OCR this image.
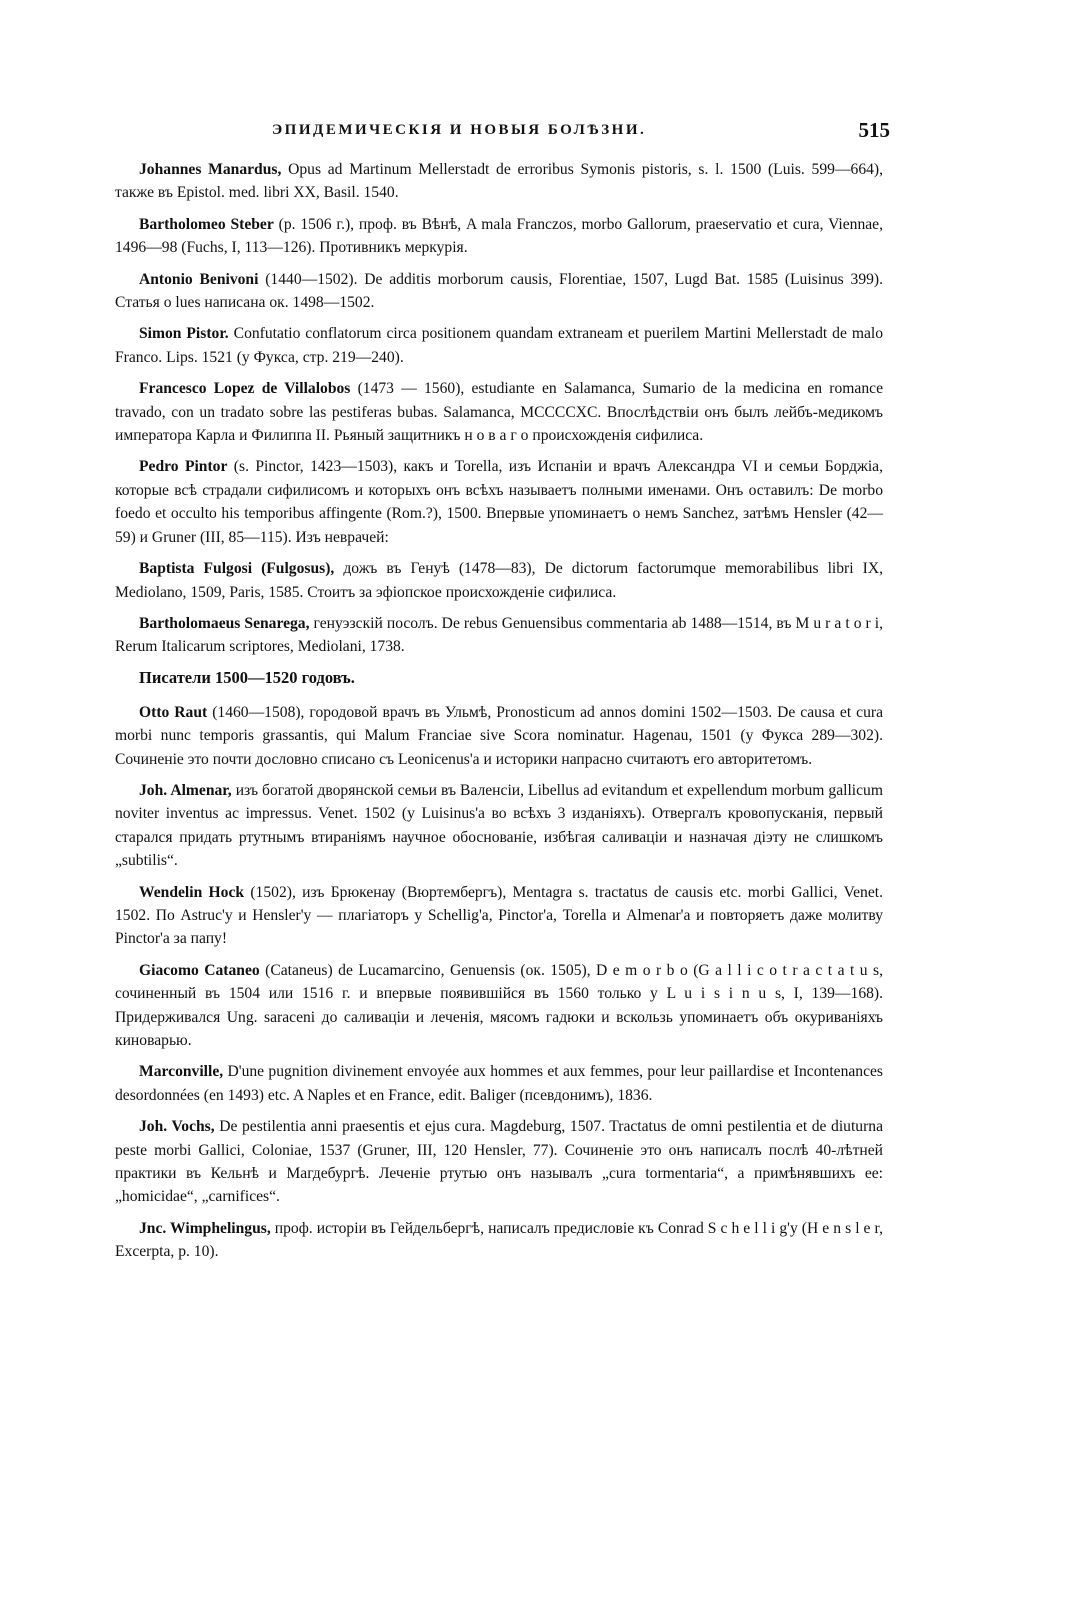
ЭПИДЕМИЧЕСКІЯ И НОВЫЯ БОЛѢЗНИ.	515

Johannes Manardus, Opus ad Martinum Mellerstadt de erroribus Symonis pistoris, s. l. 1500 (Luis. 599—664), также въ Epistol. med. libri XX, Basil. 1540.

Bartholomeo Steber (р. 1506 г.), проф. въ Вѣнѣ, A mala Franczos, morbo Gallorum, praeservatio et cura, Viennae, 1496—98 (Fuchs, I, 113—126). Противникъ меркурія.

Antonio Benivoni (1440—1502). De additis morborum causis, Florentiae, 1507, Lugd Bat. 1585 (Luisinus 399). Статья о lues написана ок. 1498—1502.

Simon Pistor. Confutatio conflatorum circa positionem quandam extraneam et puerilem Martini Mellerstadt de malo Franco. Lips. 1521 (у Фукса, стр. 219—240).

Francesco Lopez de Villalobos (1473 — 1560), estudiante en Salamanca, Sumario de la medicina en romance travado, con un tradato sobre las pestiferas bubas. Salamanca, MCCCCXC. Впослѣдствіи онъ былъ лейбъ-медикомъ императора Карла и Филиппа II. Рьяный защитникъ н о в а г о происхожденія сифилиса.

Pedro Pintor (s. Pinctor, 1423—1503), какъ и Torella, изъ Испаніи и врачъ Александра VI и семьи Борджіа, которые всѣ страдали сифилисомъ и которыхъ онъ всѣхъ называетъ полными именами. Онъ оставилъ: De morbo foedo et occulto his temporibus affingente (Rom.?), 1500. Впервые упоминаетъ о немъ Sanchez, затѣмъ Hensler (42—59) и Gruner (III, 85—115). Изъ неврачей:

Baptista Fulgosi (Fulgosus), дожъ въ Генуѣ (1478—83), De dictorum factorumque memorabilibus libri IX, Mediolano, 1509, Paris, 1585. Стоитъ за эфіопское происхожденіе сифилиса.

Bartholomaeus Senarega, генуэзскій посолъ. De rebus Genuensibus commentaria ab 1488—1514, въ M u r a t o r i, Rerum Italicarum scriptores, Mediolani, 1738.

Писатели 1500—1520 годовъ.

Otto Raut (1460—1508), городовой врачъ въ Ульмѣ, Pronosticum ad annos domini 1502—1503. De causa et cura morbi nunc temporis grassantis, qui Malum Franciae sive Scora nominatur. Hagenau, 1501 (у Фукса 289—302). Сочиненіе это почти дословно списано съ Leonicenus'а и историки напрасно считаютъ его авторитетомъ.

Joh. Almenar, изъ богатой дворянской семьи въ Валенсіи, Libellus ad evitandum et expellendum morbum gallicum noviter inventus ac impressus. Venet. 1502 (у Luisinus'а во всѣхъ 3 изданіяхъ). Отвергалъ кровопусканія, первый старался придать ртутнымъ втираніямъ научное обоснованіе, избѣгая саливаціи и назначая діэту не слишкомъ „subtilis“.

Wendelin Hock (1502), изъ Брюкенау (Вюртембергъ), Mentagra s. tractatus de causis etc. morbi Gallici, Venet. 1502. По Astruc'у и Hensler'у — плагіаторъ у Schellig'а, Pinctor'а, Torella и Almenar'а и повторяетъ даже молитву Pinctor'а за папу!

Giacomo Cataneo (Cataneus) de Lucamarcino, Genuensis (ок. 1505), D e m o r b o (G a l l i c o t r a c t a t u s, сочиненный въ 1504 или 1516 г. и впервые появившійся въ 1560 только у L u i s i n u s, I, 139—168). Придерживался Ung. saraceni до саливаціи и леченія, мясомъ гадюки и вскользь упоминаетъ объ окуриваніяхъ киноварью.

Marconville, D'une pugnition divinement envoyée aux hommes et aux femmes, pour leur paillardise et Incontenances desordonnées (en 1493) etc. A Naples et en France, edit. Baliger (псевдонимъ), 1836.

Joh. Vochs, De pestilentia anni praesentis et ejus cura. Magdeburg, 1507. Tractatus de omni pestilentia et de diuturna peste morbi Gallici, Coloniae, 1537 (Gruner, III, 120 Hensler, 77). Сочиненіе это онъ написалъ послѣ 40-лѣтней практики въ Кельнѣ и Магдебургѣ. Леченіе ртутью онъ называлъ „cura tormentaria“, а примѣнявшихъ ее: „homicidae“, „carnifices“.

Jnc. Wimphelingus, проф. исторіи въ Гейдельбергѣ, написалъ предисловіе къ Conrad S c h e l l i g'у (H e n s l e r, Excerpta, p. 10).
